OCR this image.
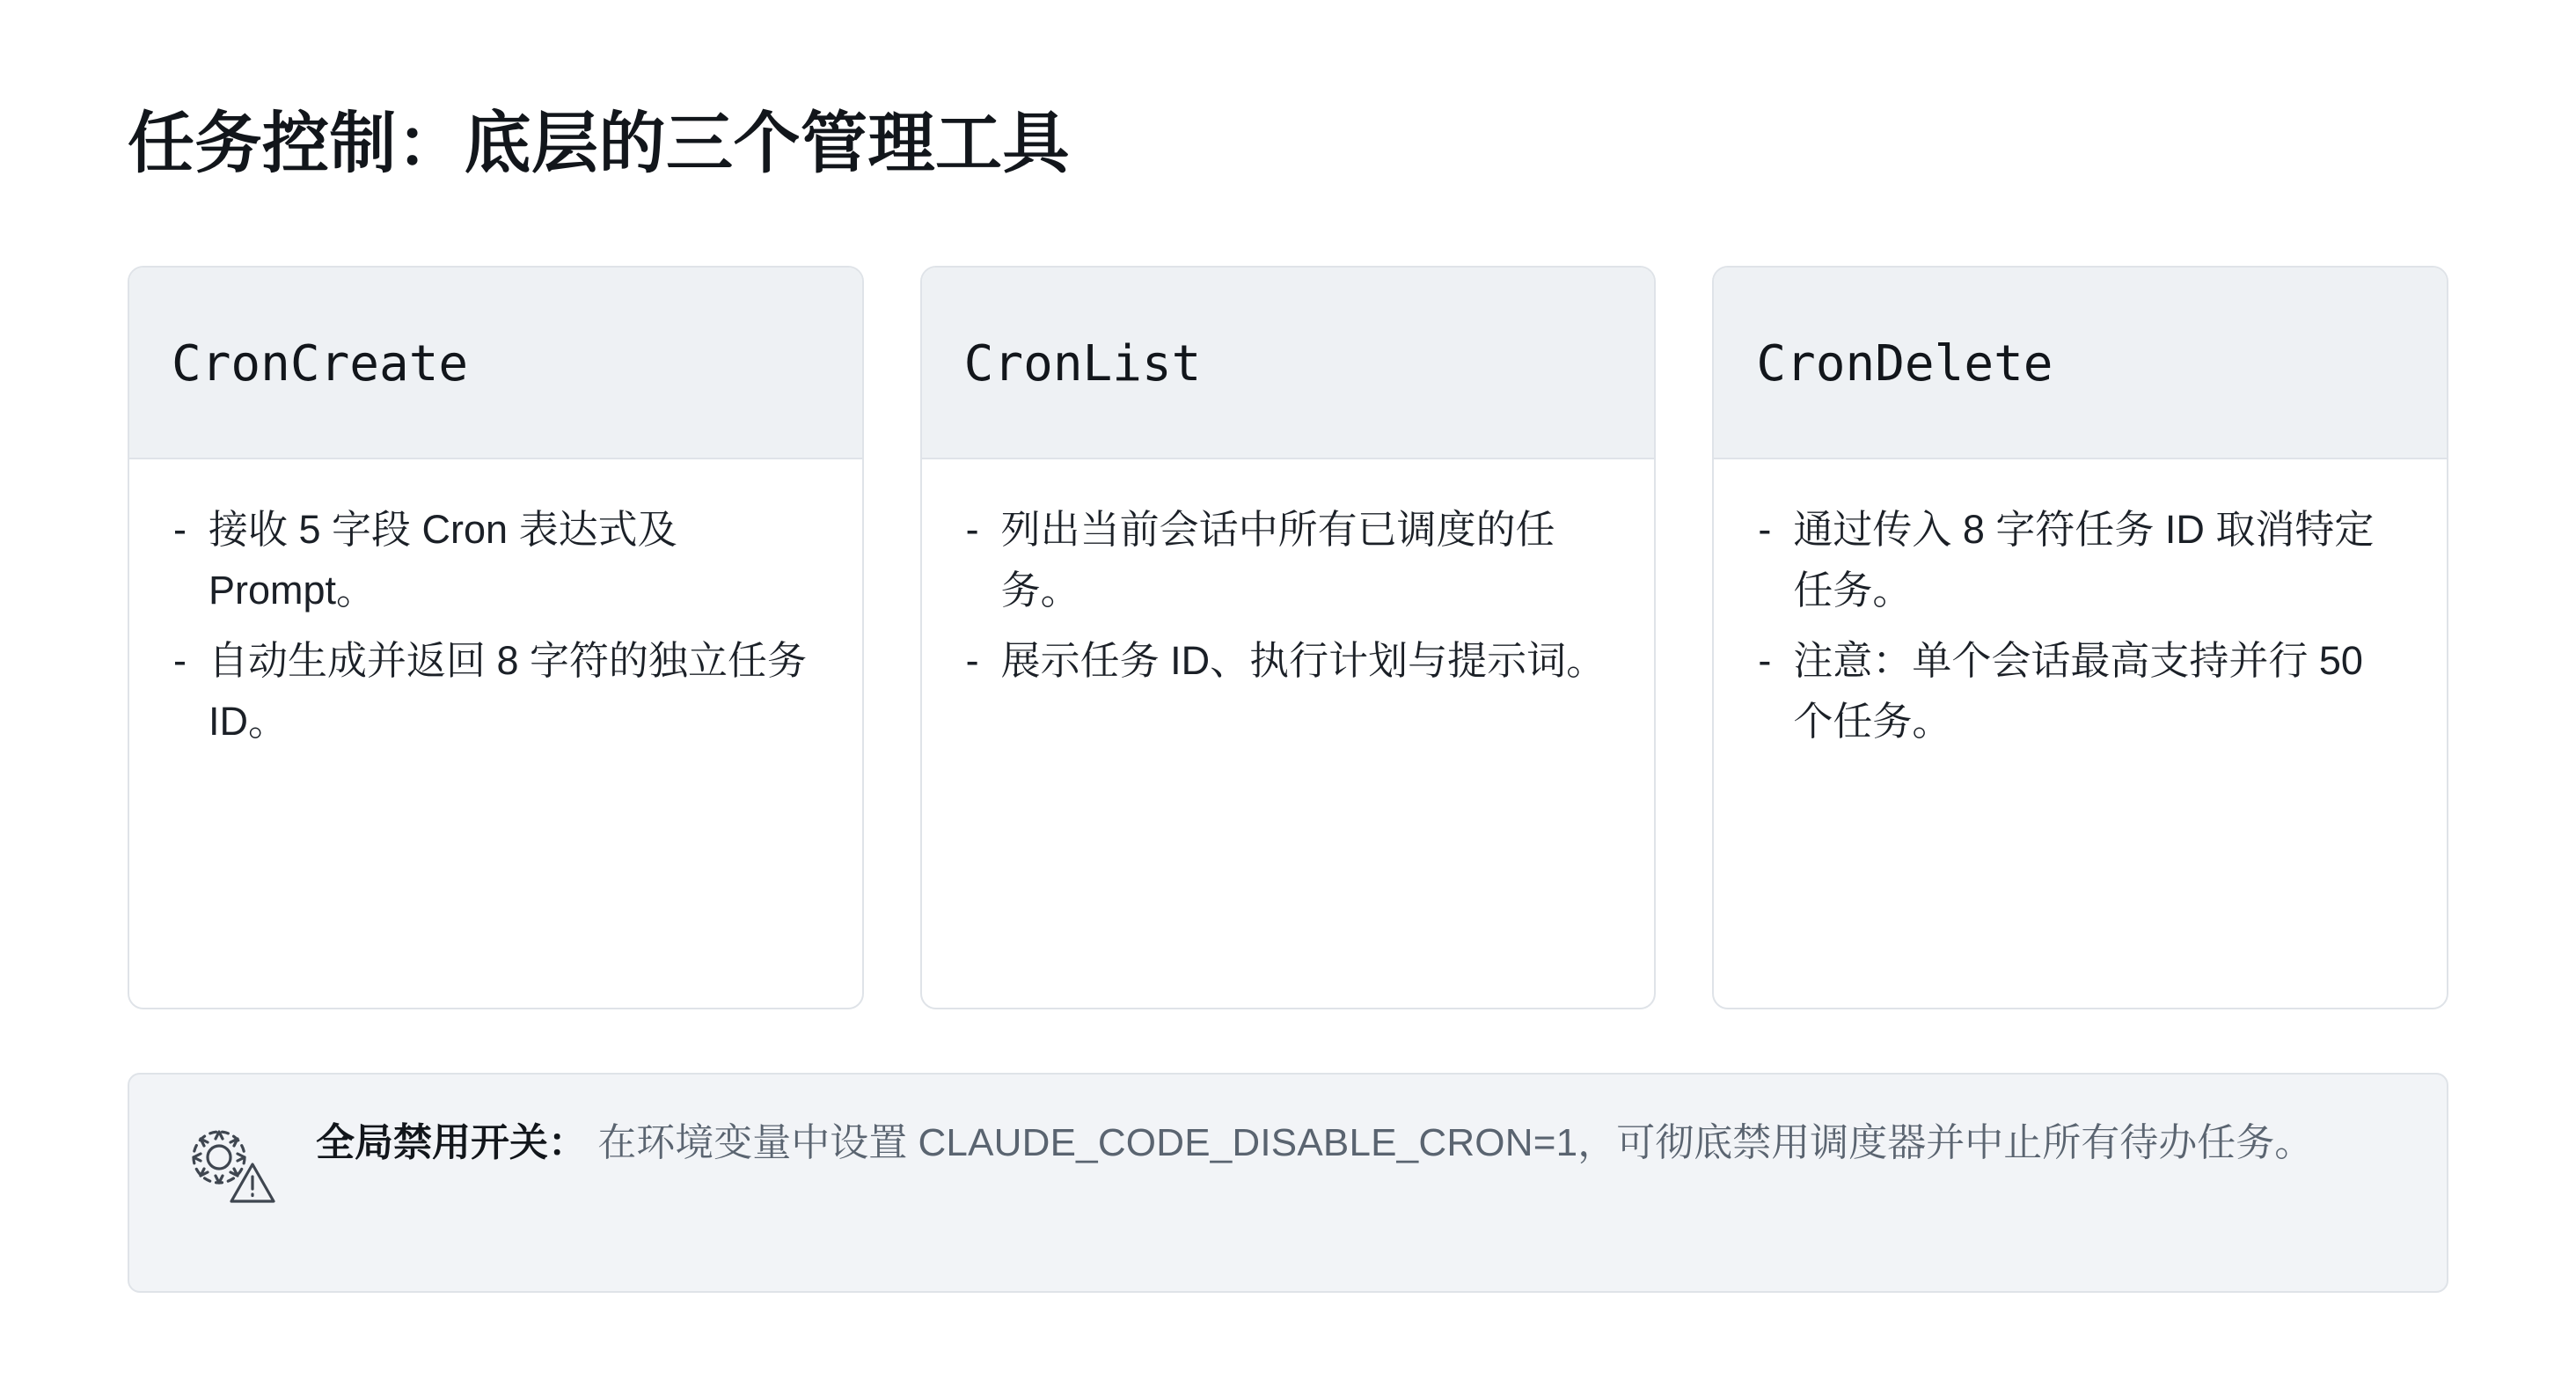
任务控制：底层的三个管理工具
CronCreate
- 接收 5 字段 Cron 表达式及 Prompt。
- 自动生成并返回 8 字符的独立任务 ID。
CronList
- 列出当前会话中所有已调度的任务。
- 展示任务 ID、执行计划与提示词。
CronDelete
- 通过传入 8 字符任务 ID 取消特定任务。
- 注意：单个会话最高支持并行 50 个任务。
全局禁用开关： 在环境变量中设置 CLAUDE_CODE_DISABLE_CRON=1，可彻底禁用调度器并中止所有待办任务。
